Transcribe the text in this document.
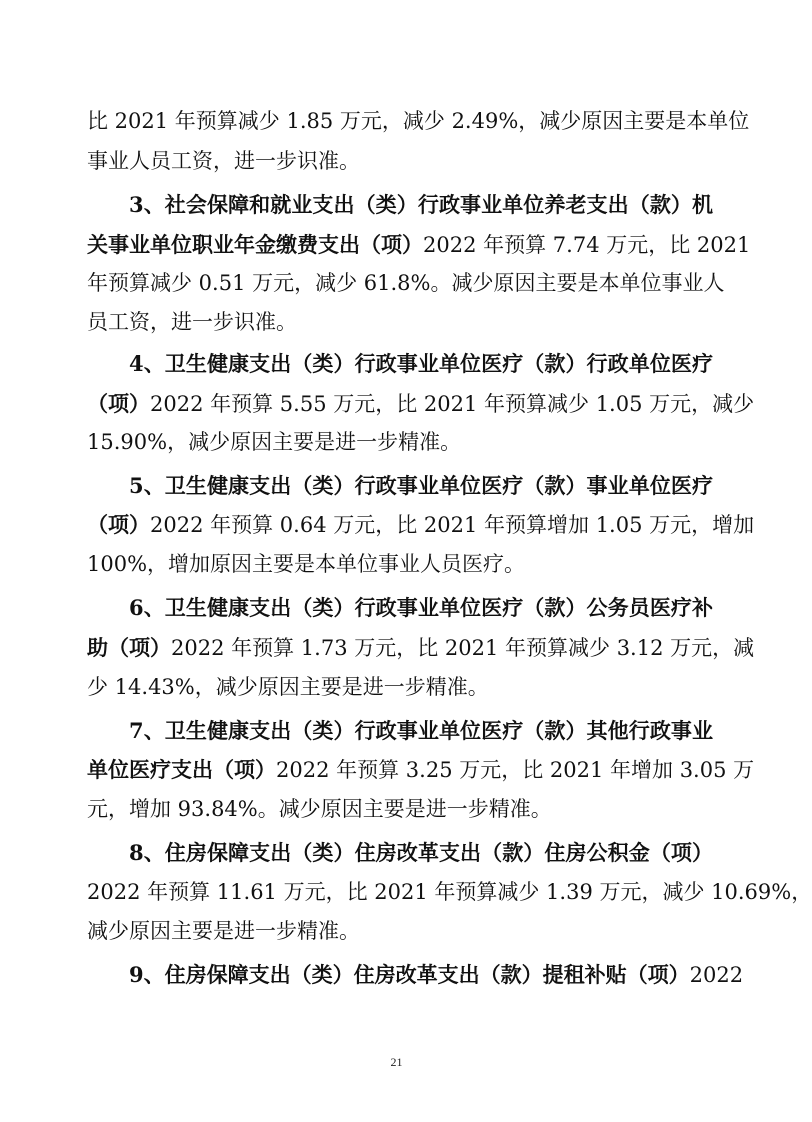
比 2021 年预算减少 1.85 万元，减少 2.49%，减少原因主要是本单位
事业人员工资，进一步识准。
3、社会保障和就业支出（类）行政事业单位养老支出（款）机
关事业单位职业年金缴费支出（项）2022 年预算 7.74 万元，比 2021
年预算减少 0.51 万元，减少 61.8%。减少原因主要是本单位事业人
员工资，进一步识准。
4、卫生健康支出（类）行政事业单位医疗（款）行政单位医疗
（项）2022 年预算 5.55 万元，比 2021 年预算减少 1.05 万元，减少
15.90%，减少原因主要是进一步精准。
5、卫生健康支出（类）行政事业单位医疗（款）事业单位医疗
（项）2022 年预算 0.64 万元，比 2021 年预算增加 1.05 万元，增加
100%，增加原因主要是本单位事业人员医疗。
6、卫生健康支出（类）行政事业单位医疗（款）公务员医疗补
助（项）2022 年预算 1.73 万元，比 2021 年预算减少 3.12 万元，减
少 14.43%，减少原因主要是进一步精准。
7、卫生健康支出（类）行政事业单位医疗（款）其他行政事业
单位医疗支出（项）2022 年预算 3.25 万元，比 2021 年增加 3.05 万
元，增加 93.84%。减少原因主要是进一步精准。
8、住房保障支出（类）住房改革支出（款）住房公积金（项）
2022 年预算 11.61 万元，比 2021 年预算减少 1.39 万元，减少 10.69%，
减少原因主要是进一步精准。
9、住房保障支出（类）住房改革支出（款）提租补贴（项）2022
21
